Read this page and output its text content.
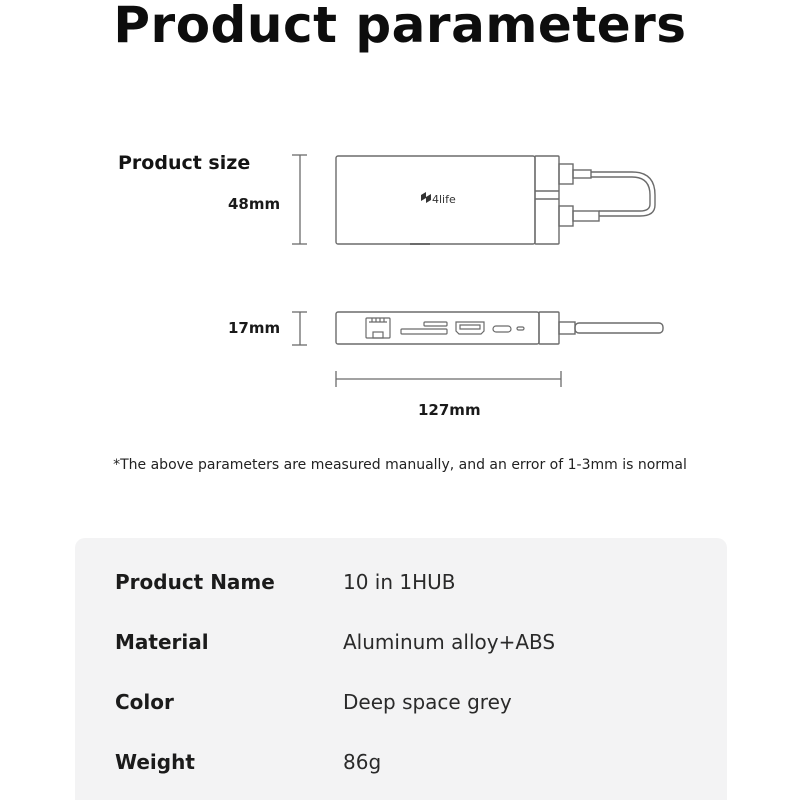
Product parameters
Product size
48mm
17mm
127mm
4life
*The above parameters are measured manually, and an error of 1-3mm is normal
Product Name	10 in 1HUB
Material	Aluminum alloy+ABS
Color	Deep space grey
Weight	86g
